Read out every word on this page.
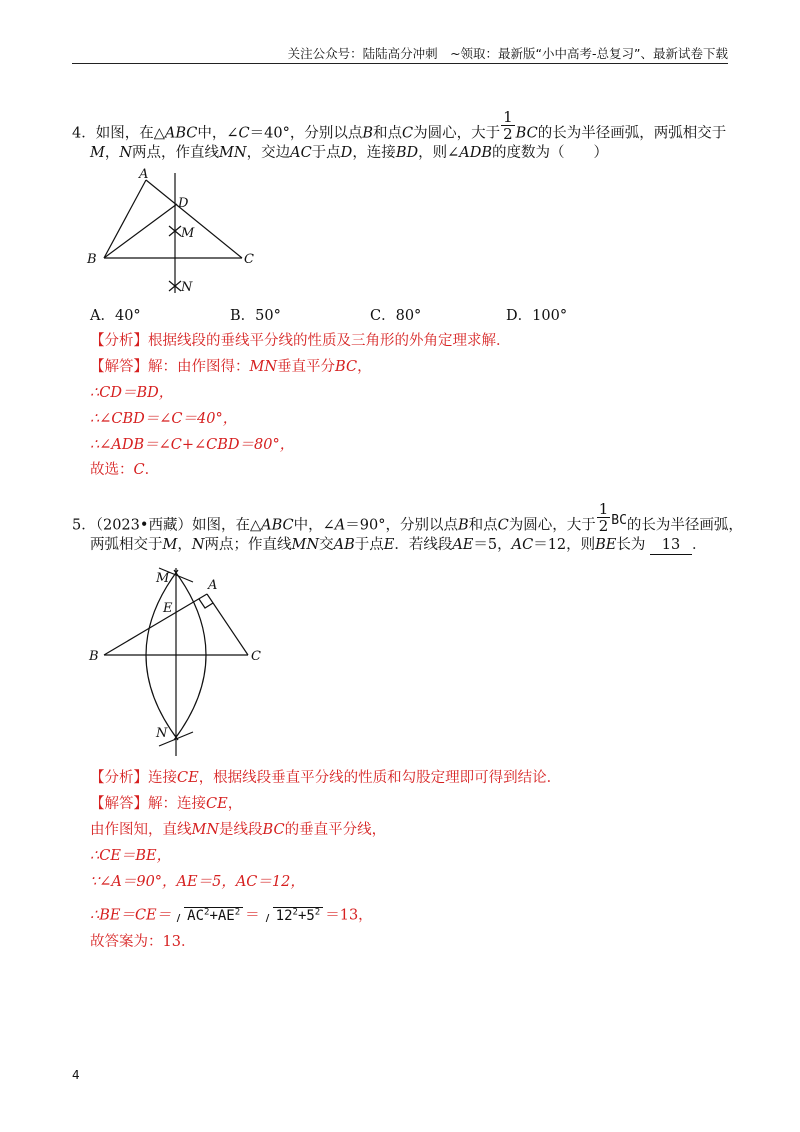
关注公众号：陆陆高分冲刺　~领取：最新版“小中高考-总复习”、最新试卷下载
4．如图，在△ABC中，∠C＝40°，分别以点B和点C为圆心，大于 $\frac{1}{2}$ BC的长为半径画弧，两弧相交于
M，N两点，作直线MN，交边AC于点D，连接BD，则∠ADB的度数为（　　）
A
B	C
D
M
N
A．40°	B．50°	C．80°	D．100°
【分析】根据线段的垂线平分线的性质及三角形的外角定理求解．
【解答】解：由作图得：MN垂直平分BC，
∴CD＝BD，
∴∠CBD＝∠C＝40°，
∴∠ADB＝∠C+∠CBD＝80°，
故选：C．
5．（2023•西藏）如图，在△ABC中，∠A＝90°，分别以点B和点C为圆心，大于 $\frac{1}{2}$ BC的长为半径画弧，
两弧相交于M，N两点；作直线MN交AB于点E．若线段AE＝5，AC＝12，则BE长为 13 ．
M	A
E
B	C
N
【分析】连接CE，根据线段垂直平分线的性质和勾股定理即可得到结论．
【解答】解：连接CE，
由作图知，直线MN是线段BC的垂直平分线，
∴CE＝BE，
∵∠A＝90°，AE＝5，AC＝12，
∴BE＝CE＝ $AC^2+AE^2 = 12^2+5^2 =13$，
故答案为：13．
4
